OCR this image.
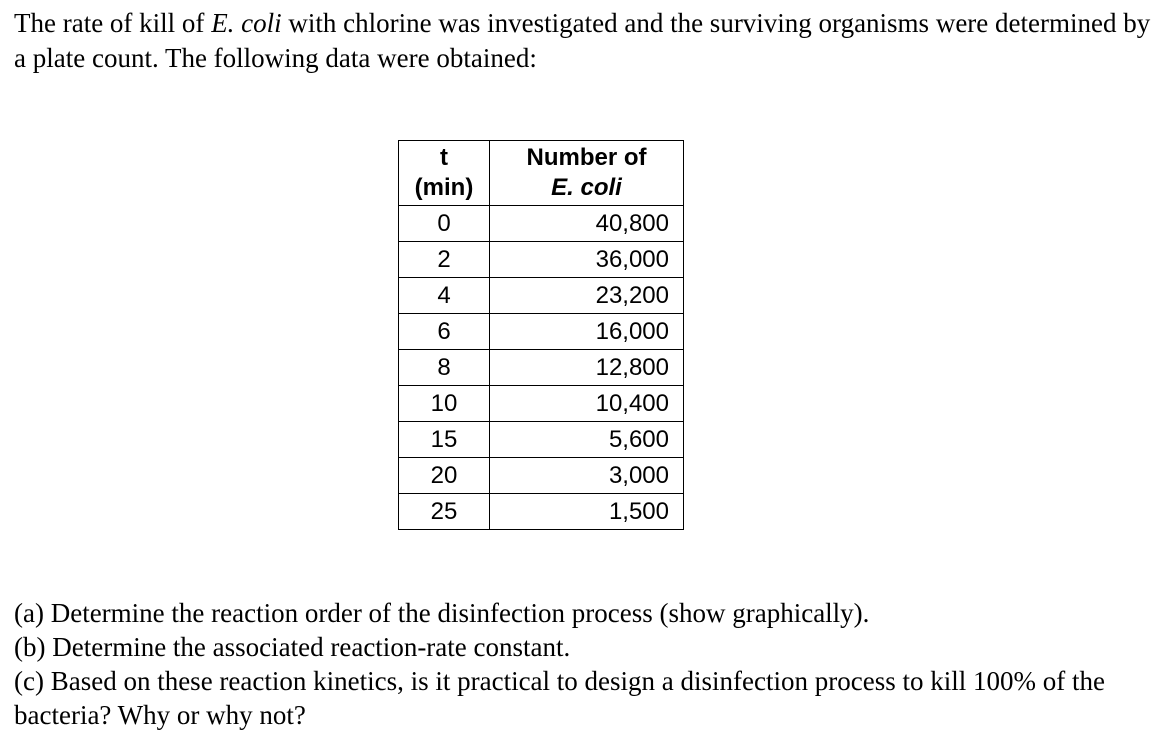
The rate of kill of E. coli with chlorine was investigated and the surviving organisms were determined by a plate count. The following data were obtained:

t
(min)	Number of
E. coli

0	40,800
2	36,000
4	23,200
6	16,000
8	12,800
10	10,400
15	5,600
20	3,000
25	1,500

(a) Determine the reaction order of the disinfection process (show graphically).

(b) Determine the associated reaction-rate constant.

(c) Based on these reaction kinetics, is it practical to design a disinfection process to kill 100% of the bacteria? Why or why not?
